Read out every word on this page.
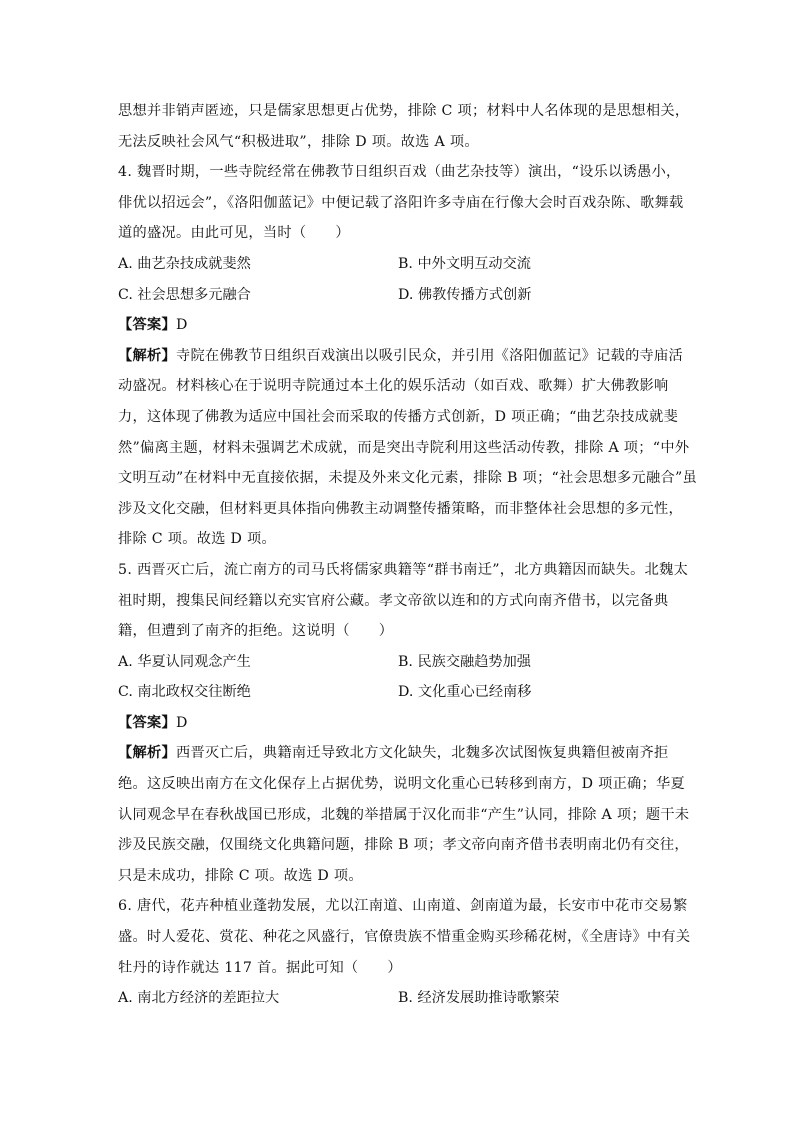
思想并非销声匿迹，只是儒家思想更占优势，排除 C 项；材料中人名体现的是思想相关，
无法反映社会风气“积极进取”，排除 D 项。故选 A 项。
4. 魏晋时期，一些寺院经常在佛教节日组织百戏（曲艺杂技等）演出，“设乐以诱愚小，
俳优以招远会”，《洛阳伽蓝记》中便记载了洛阳许多寺庙在行像大会时百戏杂陈、歌舞载
道的盛况。由此可见，当时（　　）
A. 曲艺杂技成就斐然	B. 中外文明互动交流
C. 社会思想多元融合	D. 佛教传播方式创新
【答案】D
【解析】寺院在佛教节日组织百戏演出以吸引民众，并引用《洛阳伽蓝记》记载的寺庙活
动盛况。材料核心在于说明寺院通过本土化的娱乐活动（如百戏、歌舞）扩大佛教影响
力，这体现了佛教为适应中国社会而采取的传播方式创新，D 项正确；“曲艺杂技成就斐
然”偏离主题，材料未强调艺术成就，而是突出寺院利用这些活动传教，排除 A 项；“中外
文明互动”在材料中无直接依据，未提及外来文化元素，排除 B 项；“社会思想多元融合”虽
涉及文化交融，但材料更具体指向佛教主动调整传播策略，而非整体社会思想的多元性，
排除 C 项。故选 D 项。
5. 西晋灭亡后，流亡南方的司马氏将儒家典籍等“群书南迁”，北方典籍因而缺失。北魏太
祖时期，搜集民间经籍以充实官府公藏。孝文帝欲以连和的方式向南齐借书，以完备典
籍，但遭到了南齐的拒绝。这说明（　　）
A. 华夏认同观念产生	B. 民族交融趋势加强
C. 南北政权交往断绝	D. 文化重心已经南移
【答案】D
【解析】西晋灭亡后，典籍南迁导致北方文化缺失，北魏多次试图恢复典籍但被南齐拒
绝。这反映出南方在文化保存上占据优势，说明文化重心已转移到南方，D 项正确；华夏
认同观念早在春秋战国已形成，北魏的举措属于汉化而非“产生”认同，排除 A 项；题干未
涉及民族交融，仅围绕文化典籍问题，排除 B 项；孝文帝向南齐借书表明南北仍有交往，
只是未成功，排除 C 项。故选 D 项。
6. 唐代，花卉种植业蓬勃发展，尤以江南道、山南道、剑南道为最，长安市中花市交易繁
盛。时人爱花、赏花、种花之风盛行，官僚贵族不惜重金购买珍稀花树，《全唐诗》中有关
牡丹的诗作就达 117 首。据此可知（　　）
A. 南北方经济的差距拉大	B. 经济发展助推诗歌繁荣
